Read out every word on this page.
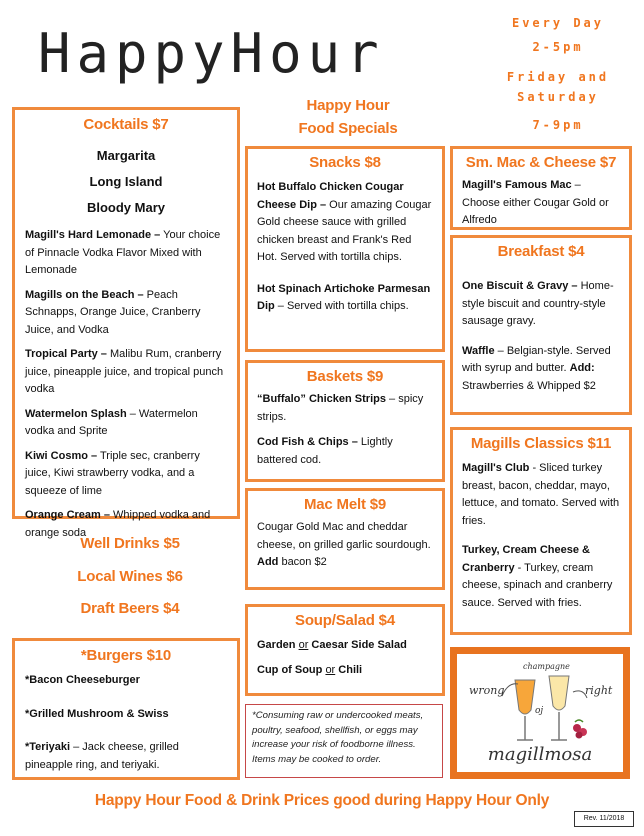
HappyHour	Every Day
2-5pm
Friday and
Saturday
7-9pm
Happy Hour
Food Specials
Cocktails $7
Margarita
Long Island
Bloody Mary
Magill's Hard Lemonade – Your choice of Pinnacle Vodka Flavor Mixed with Lemonade
Magills on the Beach – Peach Schnapps, Orange Juice, Cranberry Juice, and Vodka
Tropical Party – Malibu Rum, cranberry juice, pineapple juice, and tropical punch vodka
Watermelon Splash – Watermelon vodka and Sprite
Kiwi Cosmo – Triple sec, cranberry juice, Kiwi strawberry vodka, and a squeeze of lime
Orange Cream – Whipped vodka and orange soda
Well Drinks $5
Local Wines $6
Draft Beers $4
*Burgers $10
*Bacon Cheeseburger
*Grilled Mushroom & Swiss
*Teriyaki – Jack cheese, grilled pineapple ring, and teriyaki.
Snacks $8
Hot Buffalo Chicken Cougar Cheese Dip – Our amazing Cougar Gold cheese sauce with grilled chicken breast and Frank's Red Hot. Served with tortilla chips.
Hot Spinach Artichoke Parmesan Dip – Served with tortilla chips.
Baskets $9
“Buffalo” Chicken Strips – spicy strips.
Cod Fish & Chips – Lightly battered cod.
Mac Melt $9
Cougar Gold Mac and cheddar cheese, on grilled garlic sourdough. Add bacon $2
Soup/Salad $4
Garden or Caesar Side Salad
Cup of Soup or Chili
*Consuming raw or undercooked meats, poultry, seafood, shellfish, or eggs may increase your risk of foodborne illness. Items may be cooked to order.
Sm. Mac & Cheese $7
Magill's Famous Mac – Choose either Cougar Gold or Alfredo
Breakfast $4
One Biscuit & Gravy – Home-style biscuit and country-style sausage gravy.
Waffle – Belgian-style. Served with syrup and butter. Add: Strawberries & Whipped $2
Magills Classics $11
Magill's Club - Sliced turkey breast, bacon, cheddar, mayo, lettuce, and tomato. Served with fries.
Turkey, Cream Cheese & Cranberry - Turkey, cream cheese, spinach and cranberry sauce. Served with fries.
wrong
champagne
right
oj
magillmosa
Happy Hour Food & Drink Prices good during Happy Hour Only
Rev. 11/2018
